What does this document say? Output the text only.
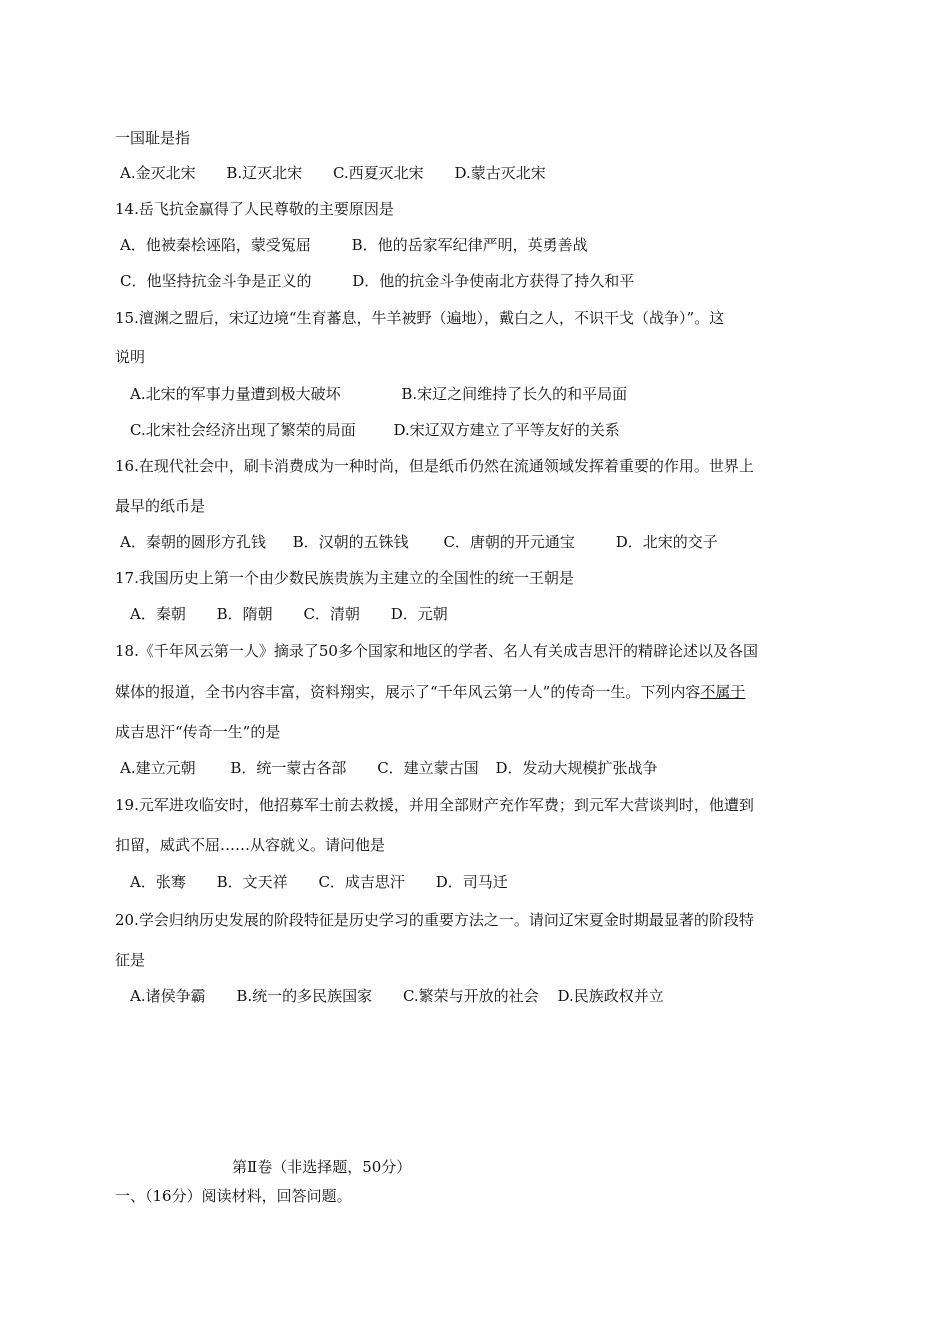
一国耻是指
A.金灭北宋 B.辽灭北宋 C.西夏灭北宋 D.蒙古灭北宋
14.岳飞抗金赢得了人民尊敬的主要原因是
A．他被秦桧诬陷，蒙受冤屈	B．他的岳家军纪律严明，英勇善战
C．他坚持抗金斗争是正义的	D．他的抗金斗争使南北方获得了持久和平
15.澶渊之盟后，宋辽边境“生育蕃息，牛羊被野（遍地），戴白之人，不识干戈（战争）”。这
说明
A.北宋的军事力量遭到极大破坏	B.宋辽之间维持了长久的和平局面
C.北宋社会经济出现了繁荣的局面	D.宋辽双方建立了平等友好的关系
16.在现代社会中，刷卡消费成为一种时尚，但是纸币仍然在流通领域发挥着重要的作用。世界上
最早的纸币是
A．秦朝的圆形方孔钱 B．汉朝的五铢钱 C．唐朝的开元通宝	D．北宋的交子
17.我国历史上第一个由少数民族贵族为主建立的全国性的统一王朝是
A．秦朝 B．隋朝 C．清朝 D．元朝
18.《千年风云第一人》摘录了50多个国家和地区的学者、名人有关成吉思汗的精辟论述以及各国
媒体的报道，全书内容丰富，资料翔实，展示了“千年风云第一人”的传奇一生。下列内容不属于
成吉思汗“传奇一生”的是
A.建立元朝 B．统一蒙古各部 C．建立蒙古国 D．发动大规模扩张战争
19.元军进攻临安时，他招募军士前去救援，并用全部财产充作军费；到元军大营谈判时，他遭到
扣留，威武不屈……从容就义。请问他是
A．张骞 B．文天祥 C．成吉思汗 D．司马迁
20.学会归纳历史发展的阶段特征是历史学习的重要方法之一。请问辽宋夏金时期最显著的阶段特
征是
A.诸侯争霸 B.统一的多民族国家 C.繁荣与开放的社会 D.民族政权并立
第Ⅱ卷（非选择题，50分）
一、（16分）阅读材料，回答问题。
